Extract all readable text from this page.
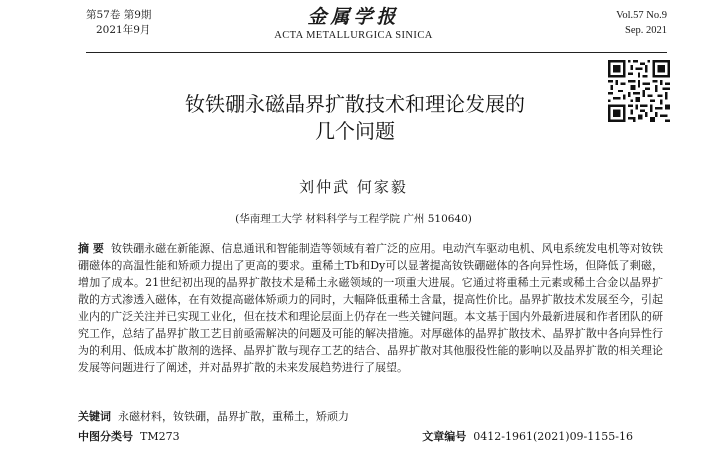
第57卷 第9期
2021年9月
金属学报
ACTA METALLURGICA SINICA
Vol.57 No.9
Sep. 2021
钕铁硼永磁晶界扩散技术和理论发展的
几个问题
刘仲武 何家毅
(华南理工大学 材料科学与工程学院 广州 510640)
摘 要 钕铁硼永磁在新能源、信息通讯和智能制造等领域有着广泛的应用。电动汽车驱动电机、风电系统发电机等对钕铁硼磁体的高温性能和矫顽力提出了更高的要求。重稀土Tb和Dy可以显著提高钕铁硼磁体的各向异性场，但降低了剩磁，增加了成本。21世纪初出现的晶界扩散技术是稀土永磁领域的一项重大进展。它通过将重稀土元素或稀土合金以晶界扩散的方式渗透入磁体，在有效提高磁体矫顽力的同时，大幅降低重稀土含量，提高性价比。晶界扩散技术发展至今，引起业内的广泛关注并已实现工业化，但在技术和理论层面上仍存在一些关键问题。本文基于国内外最新进展和作者团队的研究工作，总结了晶界扩散工艺目前亟需解决的问题及可能的解决措施。对厚磁体的晶界扩散技术、晶界扩散中各向异性行为的利用、低成本扩散剂的选择、晶界扩散与现存工艺的结合、晶界扩散对其他服役性能的影响以及晶界扩散的相关理论发展等问题进行了阐述，并对晶界扩散的未来发展趋势进行了展望。
关键词 永磁材料，钕铁硼，晶界扩散，重稀土，矫顽力
中图分类号 TM273	文章编号 0412-1961(2021)09-1155-16
